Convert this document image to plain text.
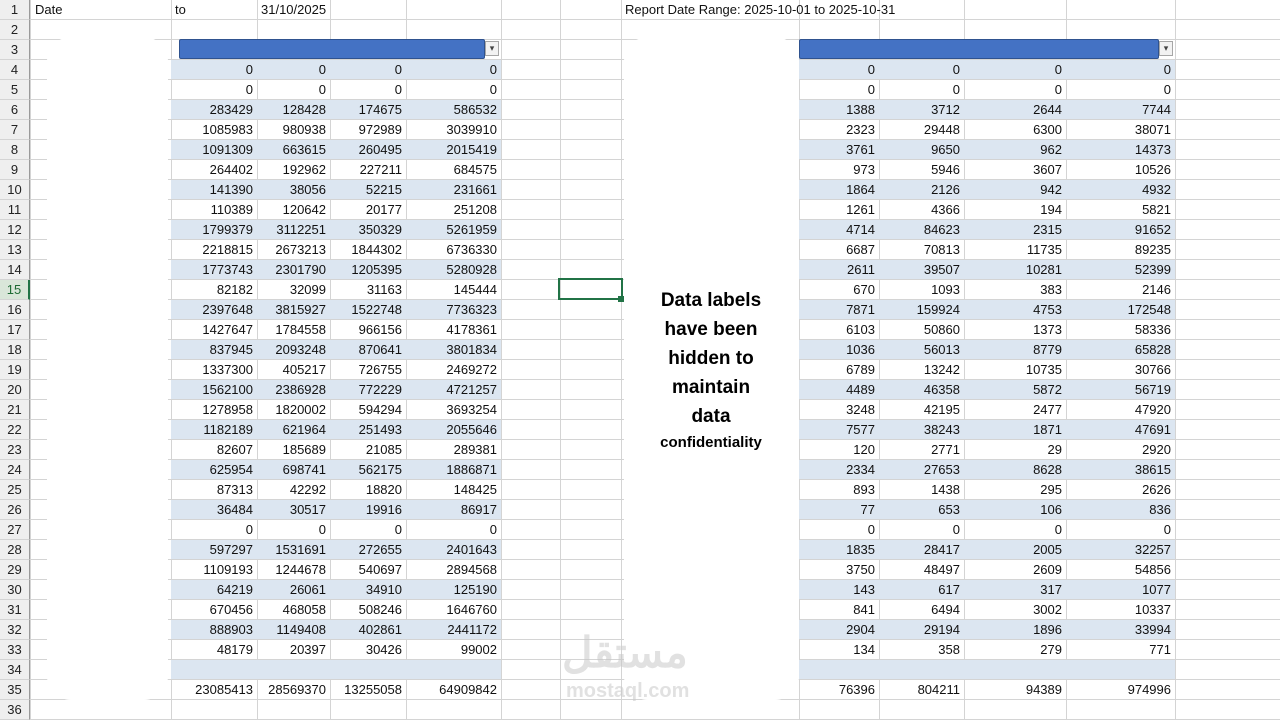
1
2
3
4
5
6
7
8
9
10
11
12
13
14
15
16
17
18
19
20
21
22
23
24
25
26
27
28
29
30
31
32
33
34
35
36
Date	to	31/10/2025	Report Date Range: 2025-10-01 to 2025-10-31
0	0	0	0
0	0	0	0
283429	128428	174675	586532
1085983	980938	972989	3039910
1091309	663615	260495	2015419
264402	192962	227211	684575
141390	38056	52215	231661
110389	120642	20177	251208
1799379	3112251	350329	5261959
2218815	2673213	1844302	6736330
1773743	2301790	1205395	5280928
82182	32099	31163	145444
2397648	3815927	1522748	7736323
1427647	1784558	966156	4178361
837945	2093248	870641	3801834
1337300	405217	726755	2469272
1562100	2386928	772229	4721257
1278958	1820002	594294	3693254
1182189	621964	251493	2055646
82607	185689	21085	289381
625954	698741	562175	1886871
87313	42292	18820	148425
36484	30517	19916	86917
0	0	0	0
597297	1531691	272655	2401643
1109193	1244678	540697	2894568
64219	26061	34910	125190
670456	468058	508246	1646760
888903	1149408	402861	2441172
48179	20397	30426	99002
23085413	28569370	13255058	64909842
0	0	0	0
0	0	0	0
1388	3712	2644	7744
2323	29448	6300	38071
3761	9650	962	14373
973	5946	3607	10526
1864	2126	942	4932
1261	4366	194	5821
4714	84623	2315	91652
6687	70813	11735	89235
2611	39507	10281	52399
670	1093	383	2146
7871	159924	4753	172548
6103	50860	1373	58336
1036	56013	8779	65828
6789	13242	10735	30766
4489	46358	5872	56719
3248	42195	2477	47920
7577	38243	1871	47691
120	2771	29	2920
2334	27653	8628	38615
893	1438	295	2626
77	653	106	836
0	0	0	0
1835	28417	2005	32257
3750	48497	2609	54856
143	617	317	1077
841	6494	3002	10337
2904	29194	1896	33994
134	358	279	771
76396	804211	94389	974996
▾	▾
Data labels
have been
hidden to
maintain
data
confidentiality
مستقل
mostaql.com
